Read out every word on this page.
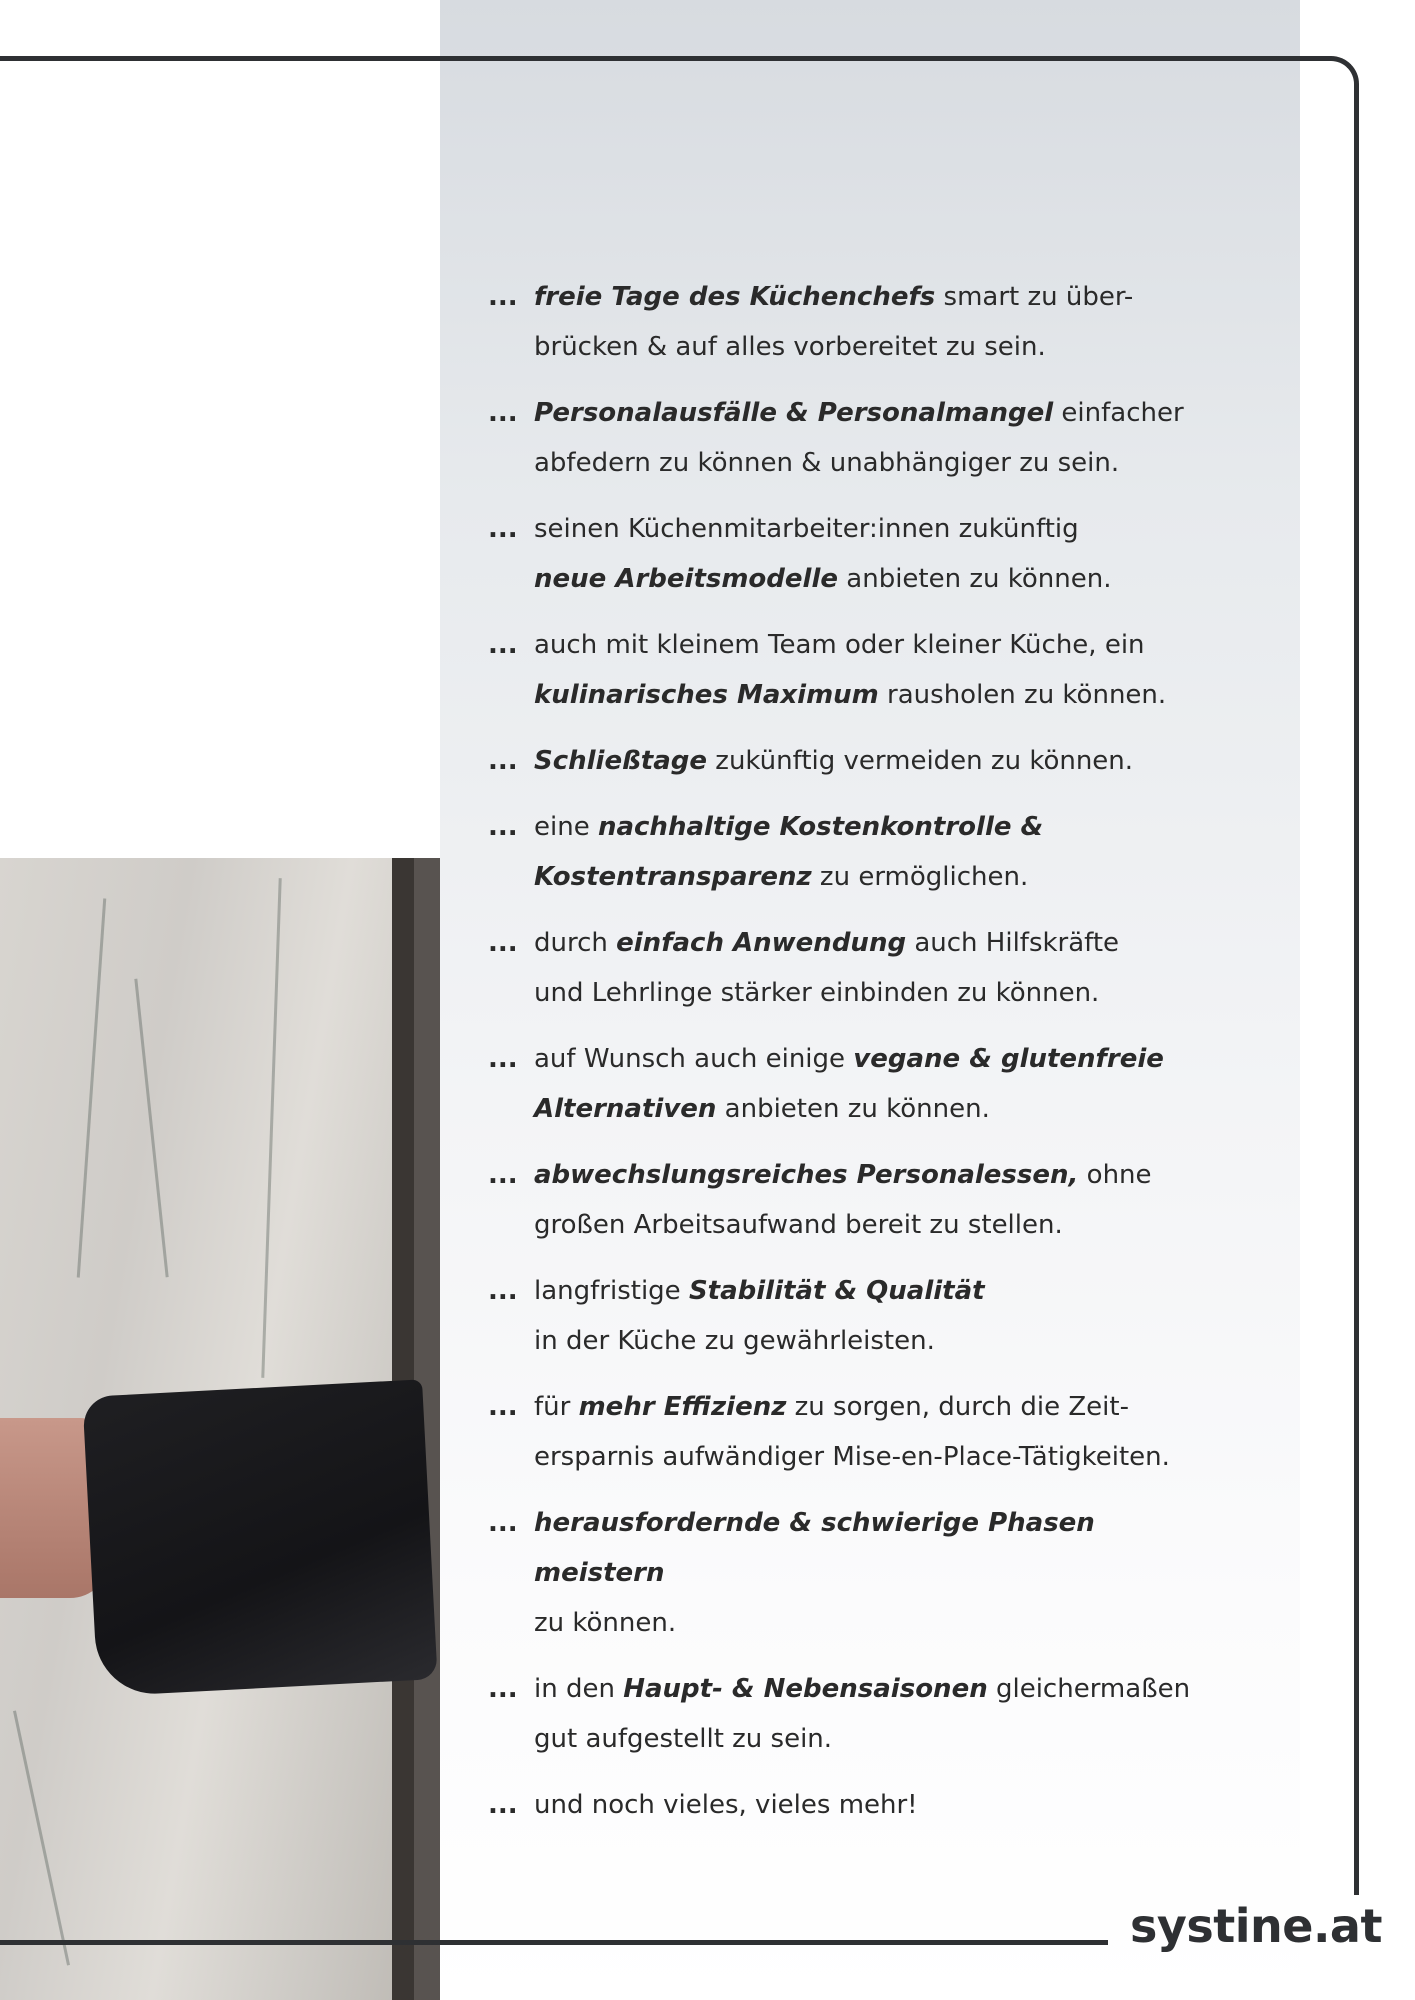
... freie Tage des Küchenchefs smart zu über-
brücken & auf alles vorbereitet zu sein.
... Personalausfälle & Personalmangel einfacher
abfedern zu können & unabhängiger zu sein.
... seinen Küchenmitarbeiter:innen zukünftig
neue Arbeitsmodelle anbieten zu können.
... auch mit kleinem Team oder kleiner Küche, ein
kulinarisches Maximum rausholen zu können.
... Schließtage zukünftig vermeiden zu können.
... eine nachhaltige Kostenkontrolle &
Kostentransparenz zu ermöglichen.
... durch einfach Anwendung auch Hilfskräfte
und Lehrlinge stärker einbinden zu können.
... auf Wunsch auch einige vegane & glutenfreie
Alternativen anbieten zu können.
... abwechslungsreiches Personalessen, ohne
großen Arbeitsaufwand bereit zu stellen.
... langfristige Stabilität & Qualität
in der Küche zu gewährleisten.
... für mehr Effizienz zu sorgen, durch die Zeit-
ersparnis aufwändiger Mise-en-Place-Tätigkeiten.
... herausfordernde & schwierige Phasen meistern
zu können.
... in den Haupt- & Nebensaisonen gleichermaßen
gut aufgestellt zu sein.
... und noch vieles, vieles mehr!
systine.at
